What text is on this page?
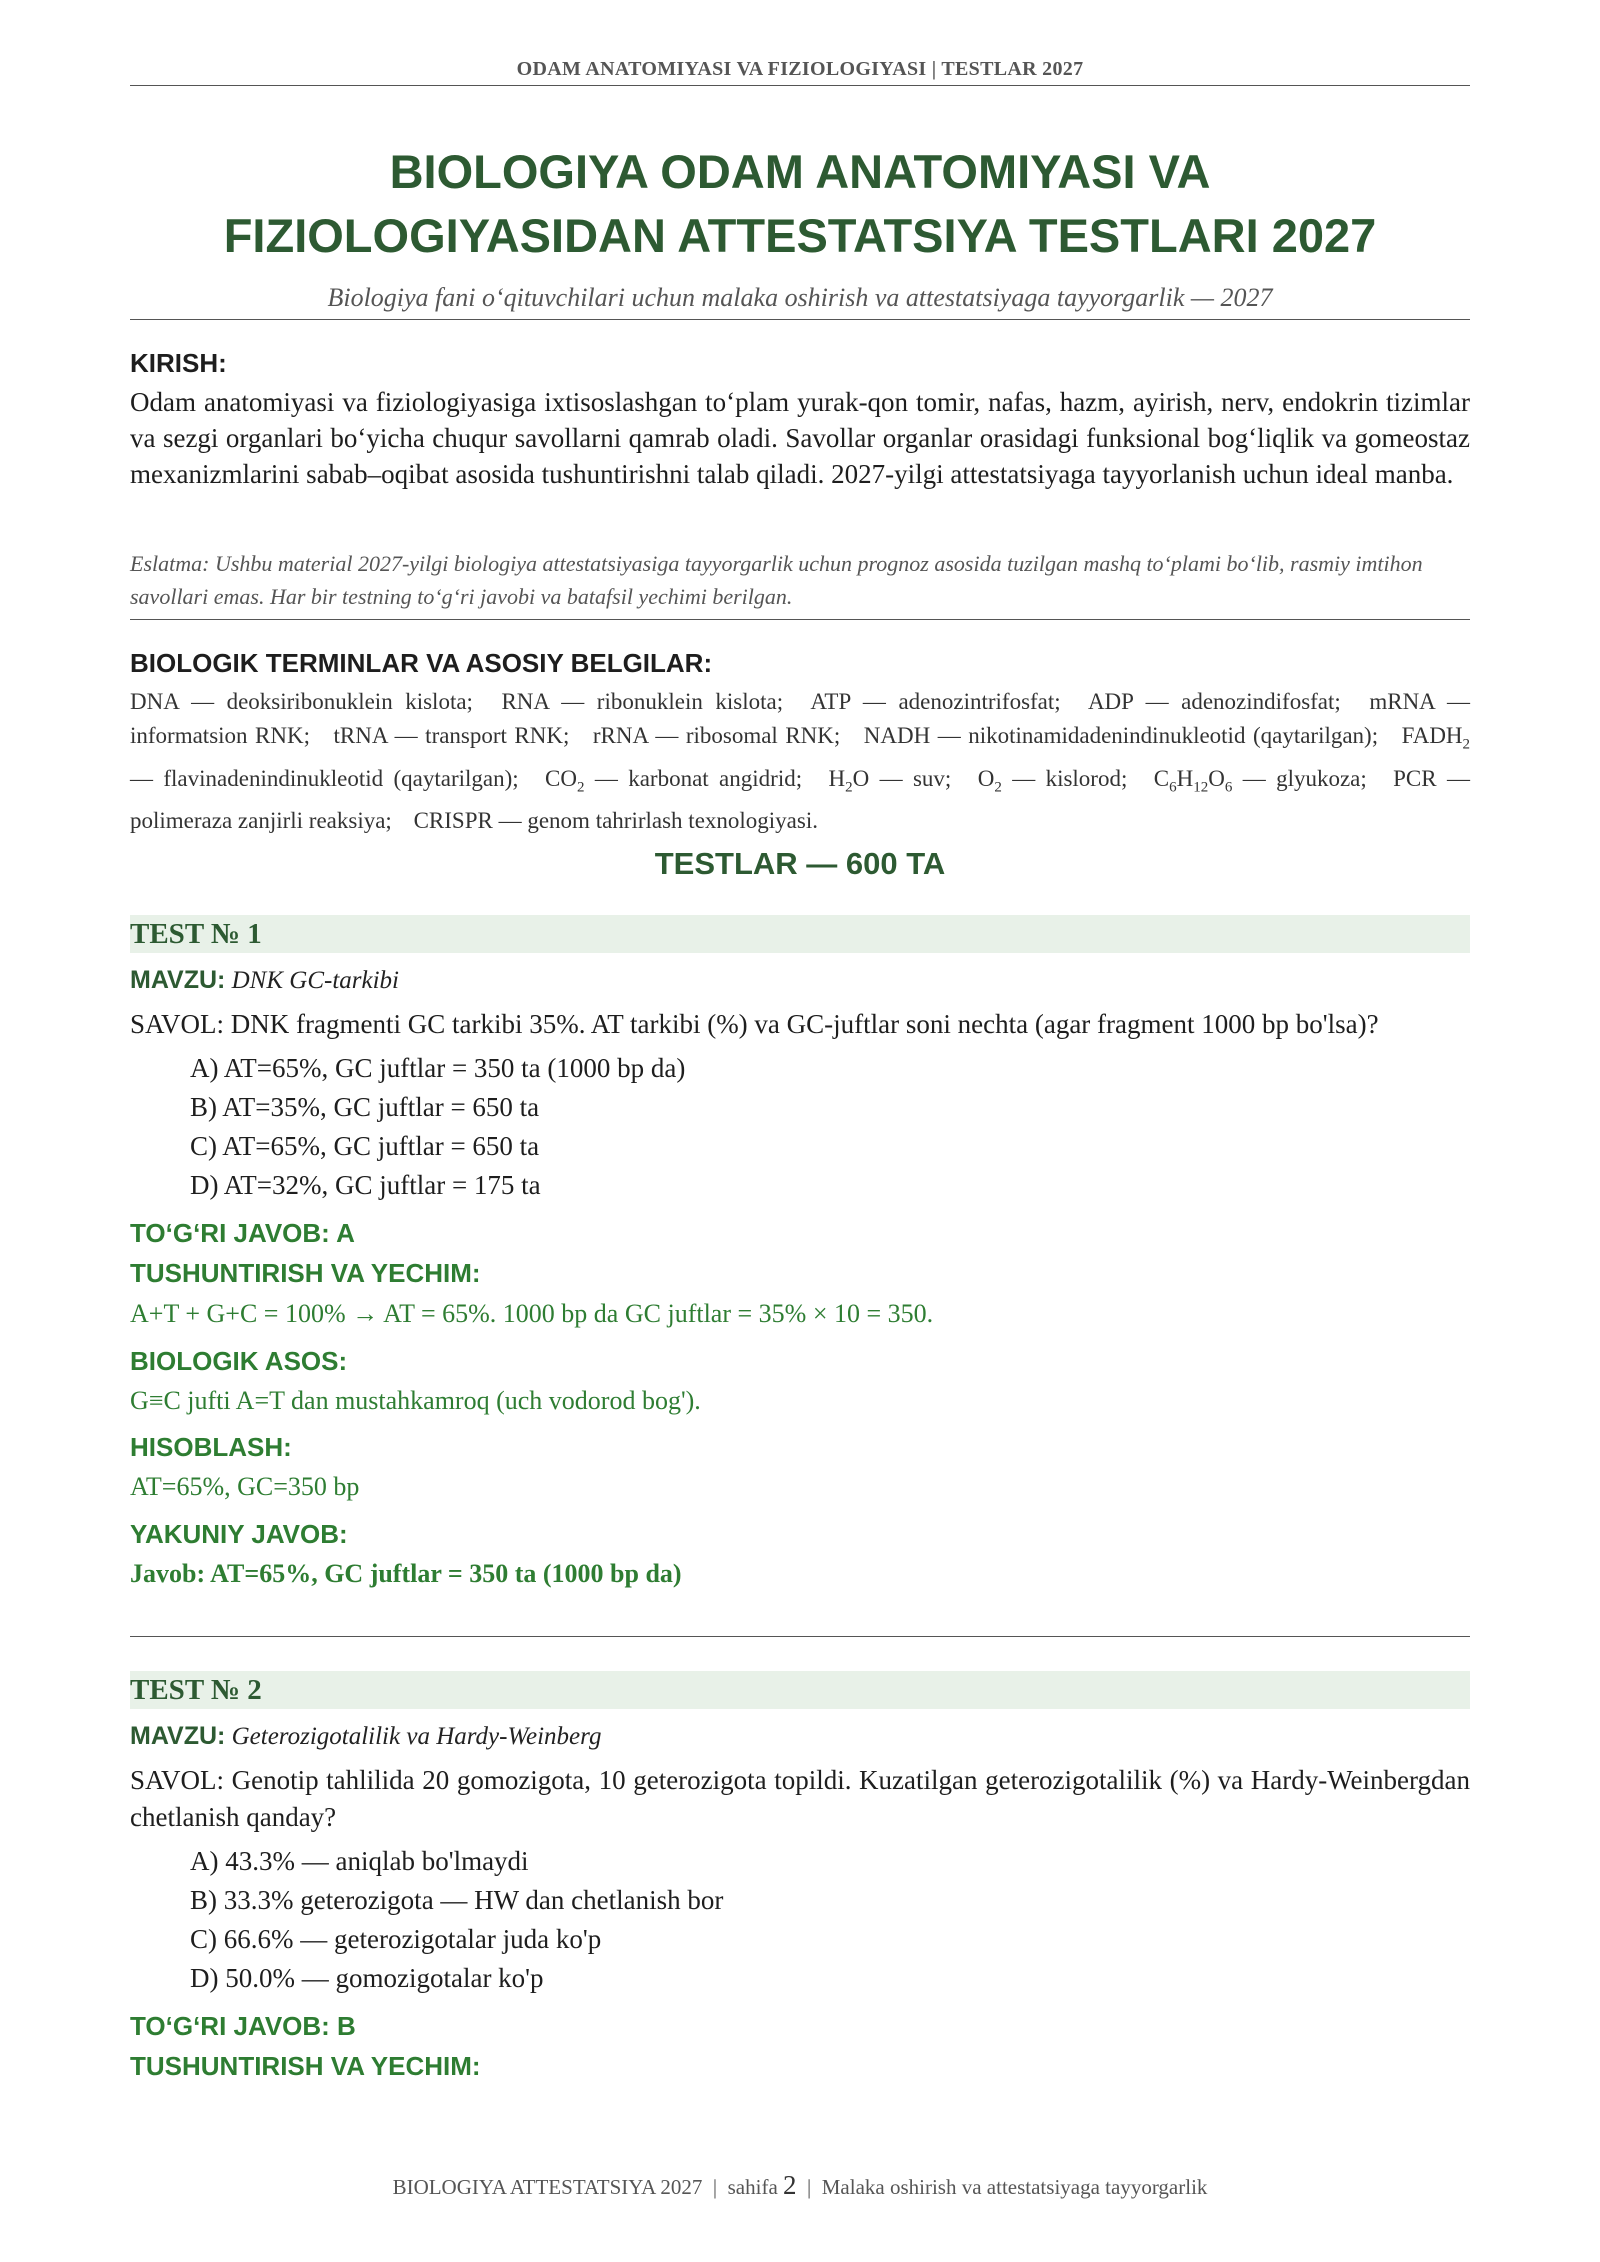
ODAM ANATOMIYASI VA FIZIOLOGIYASI | TESTLAR 2027
BIOLOGIYA ODAM ANATOMIYASI VA
FIZIOLOGIYASIDAN ATTESTATSIYA TESTLARI 2027
Biologiya fani o‘qituvchilari uchun malaka oshirish va attestatsiyaga tayyorgarlik — 2027
KIRISH:
Odam anatomiyasi va fiziologiyasiga ixtisoslashgan to‘plam yurak-qon tomir, nafas, hazm, ayirish, nerv, endokrin tizimlar va sezgi organlari bo‘yicha chuqur savollarni qamrab oladi. Savollar organlar orasidagi funksional bog‘liqlik va gomeostaz mexanizmlarini sabab–oqibat asosida tushuntirishni talab qiladi. 2027-yilgi attestatsiyaga tayyorlanish uchun ideal manba.
Eslatma: Ushbu material 2027-yilgi biologiya attestatsiyasiga tayyorgarlik uchun prognoz asosida tuzilgan mashq to‘plami bo‘lib, rasmiy imtihon savollari emas. Har bir testning to‘g‘ri javobi va batafsil yechimi berilgan.
BIOLOGIK TERMINLAR VA ASOSIY BELGILAR:
DNA — deoksiribonuklein kislota; RNA — ribonuklein kislota; ATP — adenozintrifosfat; ADP — adenozindifosfat; mRNA — informatsion RNK; tRNA — transport RNK; rRNA — ribosomal RNK; NADH — nikotinamidadenindinukleotid (qaytarilgan); $FADH_2$ — flavinadenindinukleotid (qaytarilgan); $CO_2$ — karbonat angidrid; $H_2O$ — suv; $O_2$ — kislorod; $C_6H_{12}O_6$ — glyukoza; PCR — polimeraza zanjirli reaksiya; CRISPR — genom tahrirlash texnologiyasi.
TESTLAR — 600 TA
TEST № 1
MAVZU: DNK GC-tarkibi
SAVOL: DNK fragmenti GC tarkibi 35%. AT tarkibi (%) va GC-juftlar soni nechta (agar fragment 1000 bp bo'lsa)?
A) AT=65%, GC juftlar = 350 ta (1000 bp da)
B) AT=35%, GC juftlar = 650 ta
C) AT=65%, GC juftlar = 650 ta
D) AT=32%, GC juftlar = 175 ta
TO‘G‘RI JAVOB: A
TUSHUNTIRISH VA YECHIM:
A+T + G+C = 100% → AT = 65%. 1000 bp da GC juftlar = 35% × 10 = 350.
BIOLOGIK ASOS:
G≡C jufti A=T dan mustahkamroq (uch vodorod bog').
HISOBLASH:
AT=65%, GC=350 bp
YAKUNIY JAVOB:
Javob: AT=65%, GC juftlar = 350 ta (1000 bp da)
TEST № 2
MAVZU: Geterozigotalilik va Hardy-Weinberg
SAVOL: Genotip tahlilida 20 gomozigota, 10 geterozigota topildi. Kuzatilgan geterozigotalilik (%) va Hardy-Weinbergdan chetlanish qanday?
A) 43.3% — aniqlab bo'lmaydi
B) 33.3% geterozigota — HW dan chetlanish bor
C) 66.6% — geterozigotalar juda ko'p
D) 50.0% — gomozigotalar ko'p
TO‘G‘RI JAVOB: B
TUSHUNTIRISH VA YECHIM:
BIOLOGIYA ATTESTATSIYA 2027 | sahifa 2 | Malaka oshirish va attestatsiyaga tayyorgarlik
